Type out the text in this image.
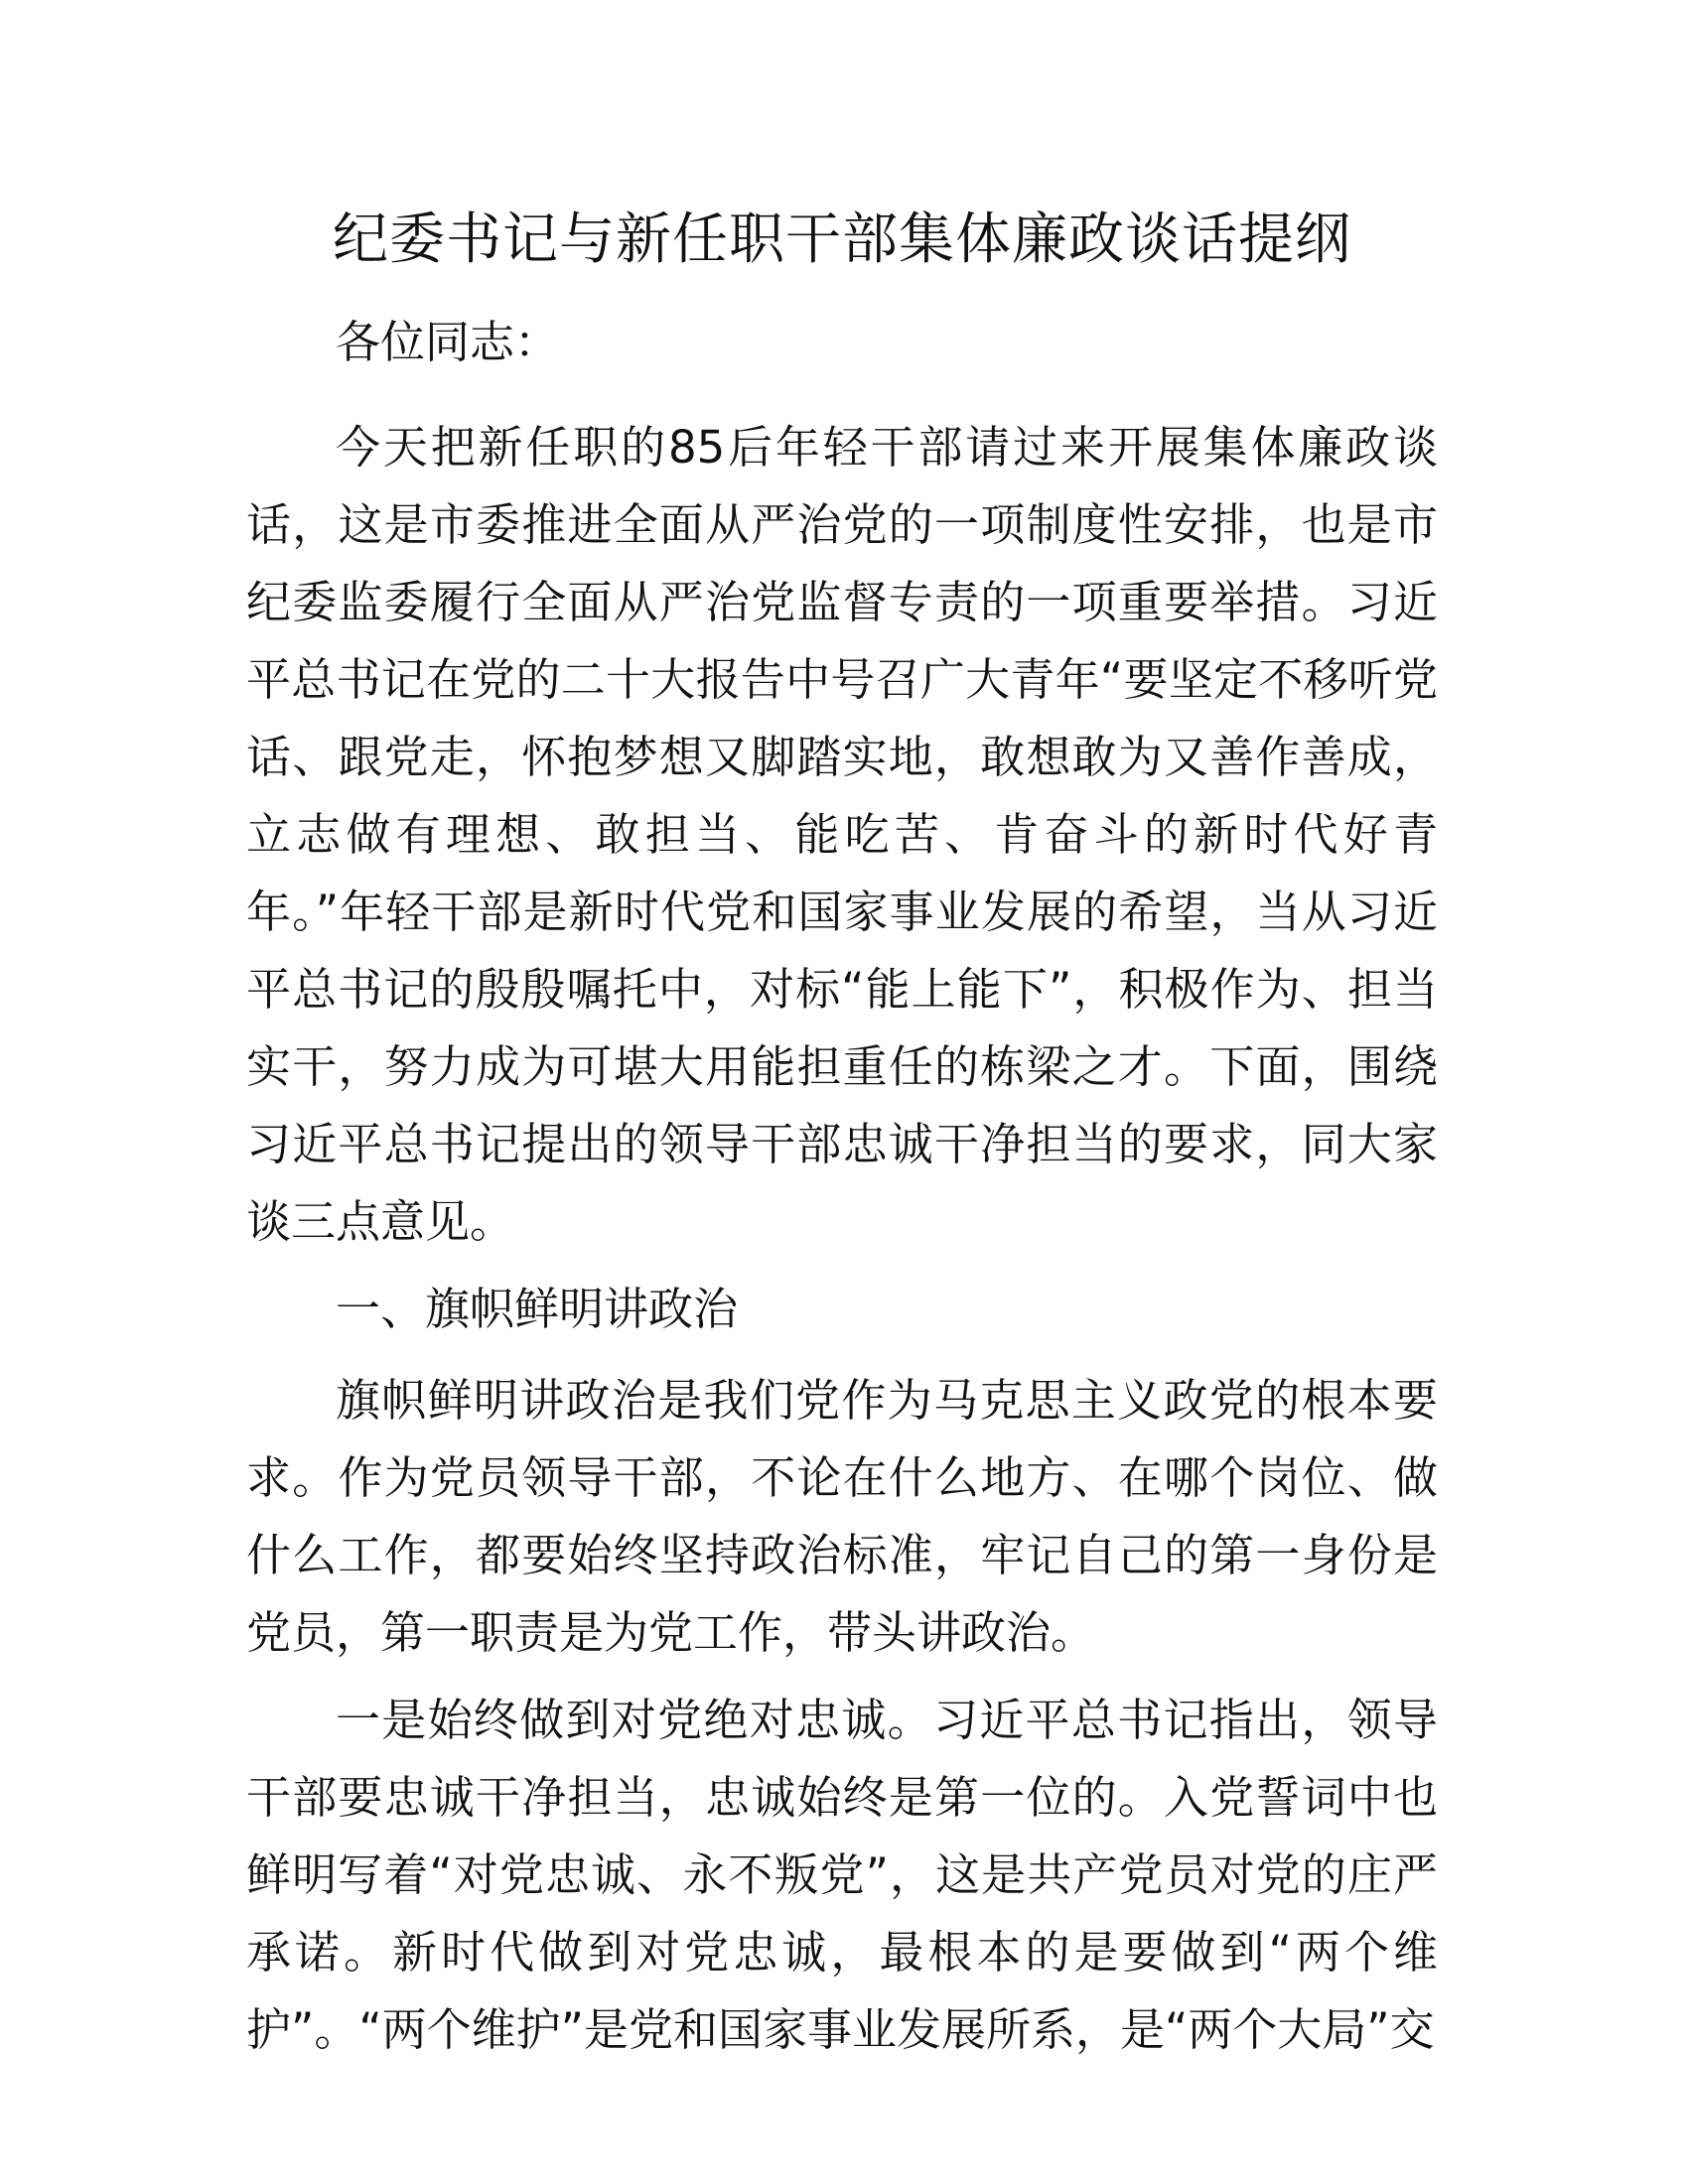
纪委书记与新任职干部集体廉政谈话提纲

各位同志：

今天把新任职的85后年轻干部请过来开展集体廉政谈话，这是市委推进全面从严治党的一项制度性安排，也是市纪委监委履行全面从严治党监督专责的一项重要举措。习近平总书记在党的二十大报告中号召广大青年“要坚定不移听党话、跟党走，怀抱梦想又脚踏实地，敢想敢为又善作善成，立志做有理想、敢担当、能吃苦、肯奋斗的新时代好青年。”年轻干部是新时代党和国家事业发展的希望，当从习近平总书记的殷殷嘱托中，对标“能上能下”，积极作为、担当实干，努力成为可堪大用能担重任的栋梁之才。下面，围绕习近平总书记提出的领导干部忠诚干净担当的要求，同大家谈三点意见。

一、旗帜鲜明讲政治

旗帜鲜明讲政治是我们党作为马克思主义政党的根本要求。作为党员领导干部，不论在什么地方、在哪个岗位、做什么工作，都要始终坚持政治标准，牢记自己的第一身份是党员，第一职责是为党工作，带头讲政治。

一是始终做到对党绝对忠诚。习近平总书记指出，领导干部要忠诚干净担当，忠诚始终是第一位的。入党誓词中也鲜明写着“对党忠诚、永不叛党”，这是共产党员对党的庄严承诺。新时代做到对党忠诚，最根本的是要做到“两个维护”。“两个维护”是党和国家事业发展所系，是“两个大局”交
